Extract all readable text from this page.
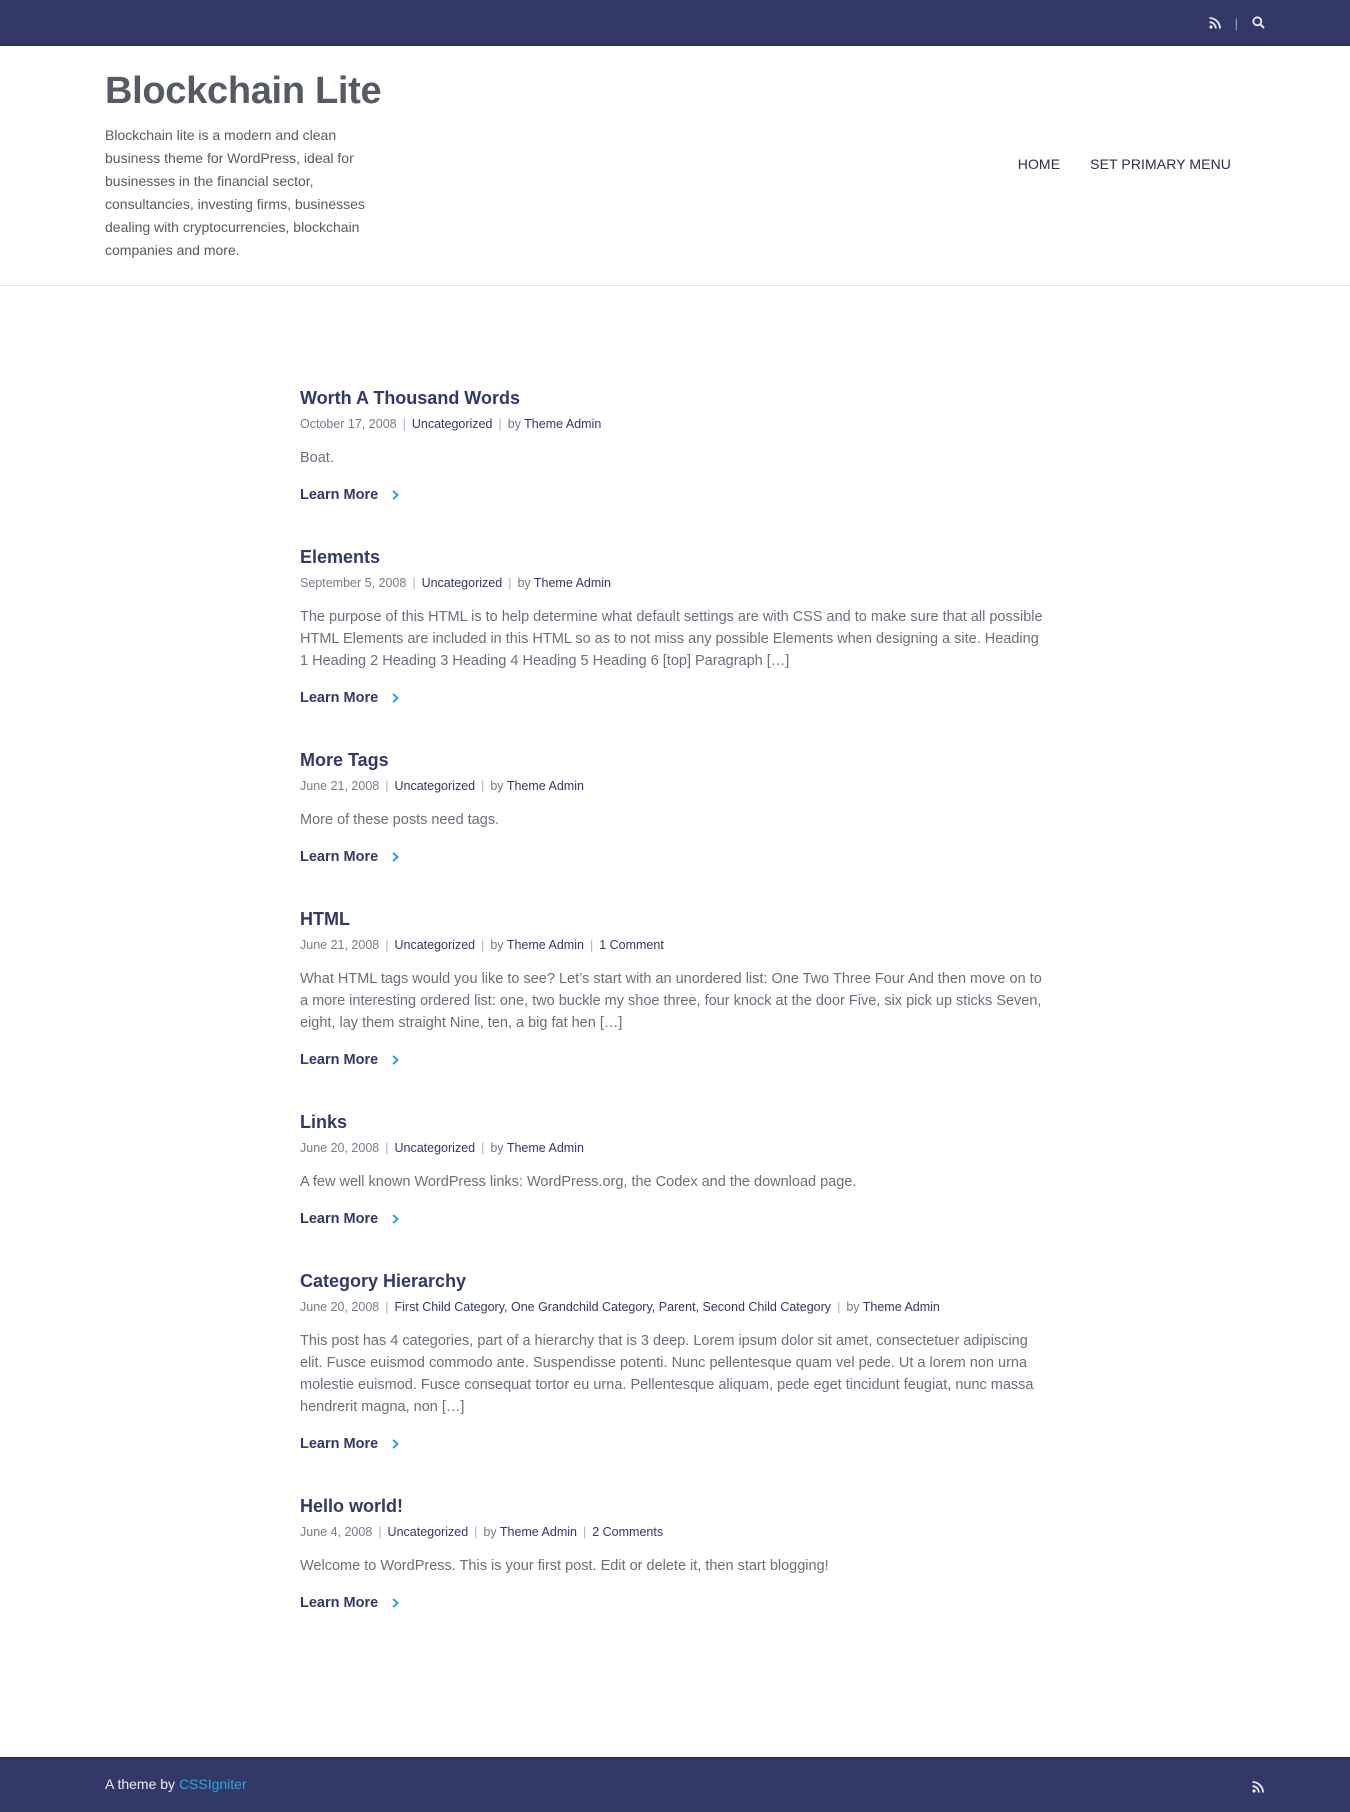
|
Blockchain Lite

Blockchain lite is a modern and clean business theme for WordPress, ideal for businesses in the financial sector, consultancies, investing firms, businesses dealing with cryptocurrencies, blockchain companies and more.

HOME SET PRIMARY MENU
Worth A Thousand Words
October 17, 2008 | Uncategorized | by Theme Admin

Boat.

Learn More
Elements
September 5, 2008 | Uncategorized | by Theme Admin

The purpose of this HTML is to help determine what default settings are with CSS and to make sure that all possible HTML Elements are included in this HTML so as to not miss any possible Elements when designing a site. Heading 1 Heading 2 Heading 3 Heading 4 Heading 5 Heading 6 [top] Paragraph […]

Learn More
More Tags
June 21, 2008 | Uncategorized | by Theme Admin

More of these posts need tags.

Learn More
HTML
June 21, 2008 | Uncategorized | by Theme Admin | 1 Comment

What HTML tags would you like to see? Let’s start with an unordered list: One Two Three Four And then move on to a more interesting ordered list: one, two buckle my shoe three, four knock at the door Five, six pick up sticks Seven, eight, lay them straight Nine, ten, a big fat hen […]

Learn More
Links
June 20, 2008 | Uncategorized | by Theme Admin

A few well known WordPress links: WordPress.org, the Codex and the download page.

Learn More
Category Hierarchy
June 20, 2008 | First Child Category, One Grandchild Category, Parent, Second Child Category | by Theme Admin

This post has 4 categories, part of a hierarchy that is 3 deep. Lorem ipsum dolor sit amet, consectetuer adipiscing elit. Fusce euismod commodo ante. Suspendisse potenti. Nunc pellentesque quam vel pede. Ut a lorem non urna molestie euismod. Fusce consequat tortor eu urna. Pellentesque aliquam, pede eget tincidunt feugiat, nunc massa hendrerit magna, non […]

Learn More
Hello world!
June 4, 2008 | Uncategorized | by Theme Admin | 2 Comments

Welcome to WordPress. This is your first post. Edit or delete it, then start blogging!

Learn More
A theme by CSSIgniter
